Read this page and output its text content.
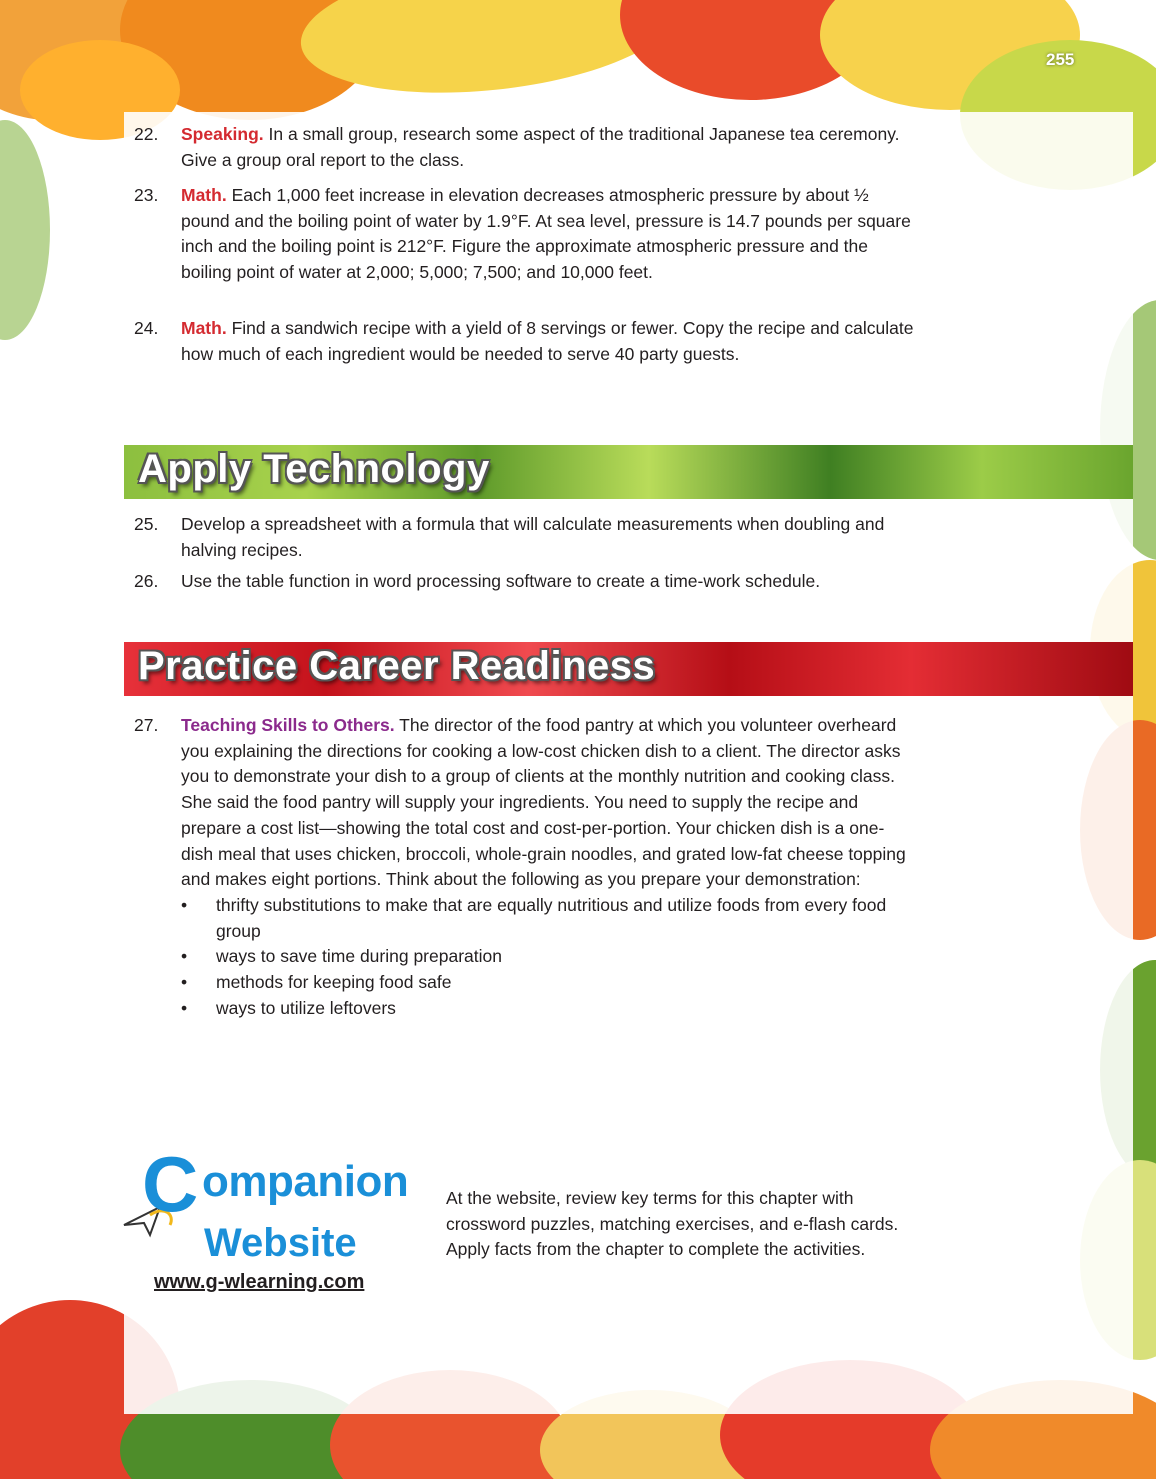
255
22.	Speaking. In a small group, research some aspect of the traditional Japanese tea ceremony. Give a group oral report to the class.
23.	Math. Each 1,000 feet increase in elevation decreases atmospheric pressure by about ½ pound and the boiling point of water by 1.9°F. At sea level, pressure is 14.7 pounds per square inch and the boiling point is 212°F. Figure the approximate atmospheric pressure and the boiling point of water at 2,000; 5,000; 7,500; and 10,000 feet.
24.	Math. Find a sandwich recipe with a yield of 8 servings or fewer. Copy the recipe and calculate how much of each ingredient would be needed to serve 40 party guests.
Apply Technology
25.	Develop a spreadsheet with a formula that will calculate measurements when doubling and halving recipes.
26.	Use the table function in word processing software to create a time-work schedule.
Practice Career Readiness
27.	Teaching Skills to Others. The director of the food pantry at which you volunteer overheard you explaining the directions for cooking a low-cost chicken dish to a client. The director asks you to demonstrate your dish to a group of clients at the monthly nutrition and cooking class. She said the food pantry will supply your ingredients. You need to supply the recipe and prepare a cost list—showing the total cost and cost-per-portion. Your chicken dish is a one-dish meal that uses chicken, broccoli, whole-grain noodles, and grated low-fat cheese topping and makes eight portions. Think about the following as you prepare your demonstration:
• thrifty substitutions to make that are equally nutritious and utilize foods from every food group
• ways to save time during preparation
• methods for keeping food safe
• ways to utilize leftovers
C ompanion
Website
www.g-wlearning.com
At the website, review key terms for this chapter with crossword puzzles, matching exercises, and e-flash cards. Apply facts from the chapter to complete the activities.
